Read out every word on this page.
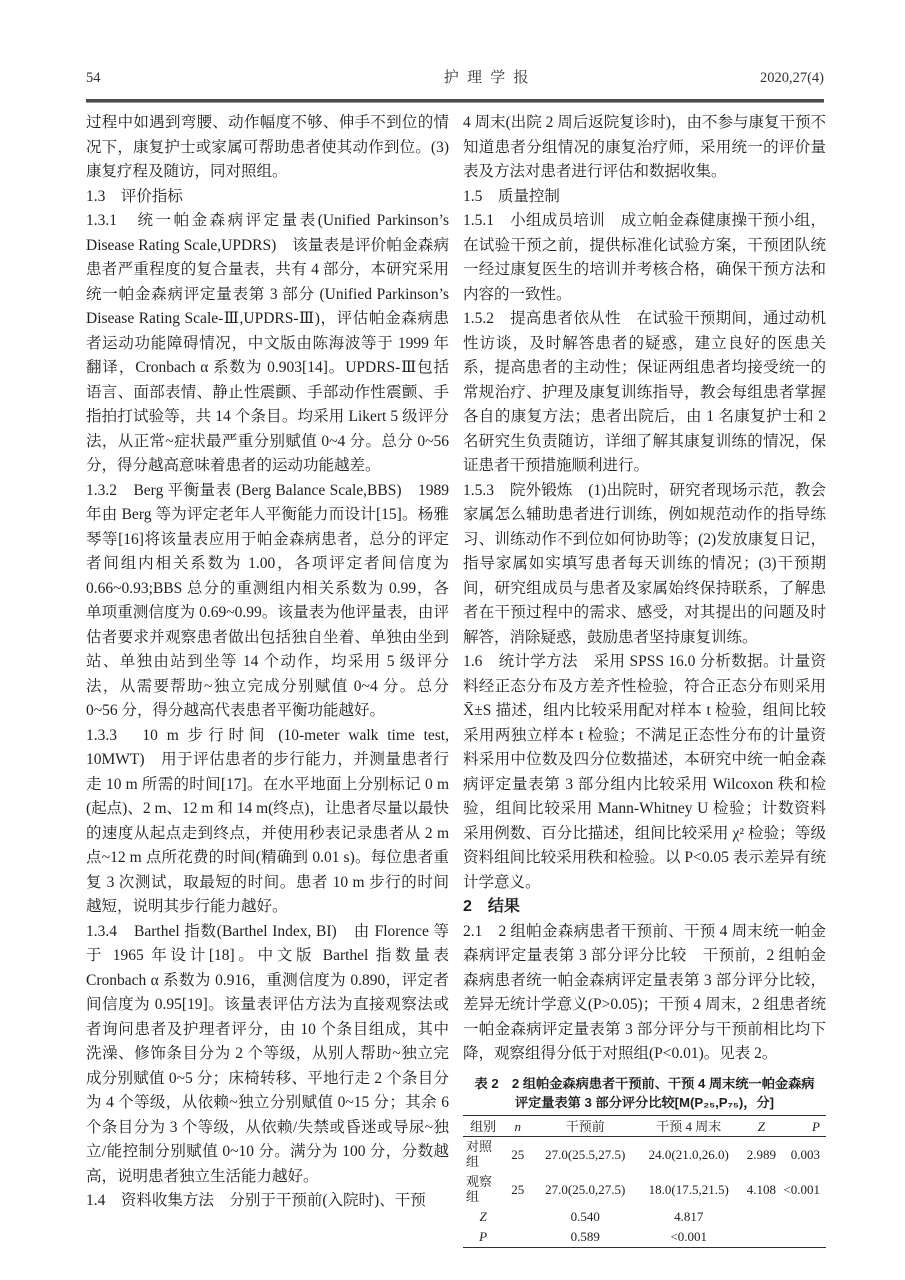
54	护理学报	2020,27(4)

过程中如遇到弯腰、动作幅度不够、伸手不到位的情况下，康复护士或家属可帮助患者使其动作到位。(3)康复疗程及随访，同对照组。

1.3　评价指标

1.3.1　统一帕金森病评定量表(Unified Parkinson’s Disease Rating Scale,UPDRS)　该量表是评价帕金森病患者严重程度的复合量表，共有 4 部分，本研究采用统一帕金森病评定量表第 3 部分 (Unified Parkinson’s Disease Rating Scale-Ⅲ,UPDRS-Ⅲ)，评估帕金森病患者运动功能障碍情况，中文版由陈海波等于 1999 年翻译，Cronbach α 系数为 0.903[14]。UPDRS-Ⅲ包括语言、面部表情、静止性震颤、手部动作性震颤、手指拍打试验等，共 14 个条目。均采用 Likert 5 级评分法，从正常~症状最严重分别赋值 0~4 分。总分 0~56 分，得分越高意味着患者的运动功能越差。

1.3.2　Berg 平衡量表 (Berg Balance Scale,BBS)　1989 年由 Berg 等为评定老年人平衡能力而设计[15]。杨雅琴等[16]将该量表应用于帕金森病患者，总分的评定者间组内相关系数为 1.00，各项评定者间信度为 0.66~0.93;BBS 总分的重测组内相关系数为 0.99，各单项重测信度为 0.69~0.99。该量表为他评量表，由评估者要求并观察患者做出包括独自坐着、单独由坐到站、单独由站到坐等 14 个动作，均采用 5 级评分法，从需要帮助~独立完成分别赋值 0~4 分。总分 0~56 分，得分越高代表患者平衡功能越好。

1.3.3　10 m 步行时间 (10-meter walk time test, 10MWT)　用于评估患者的步行能力，并测量患者行走 10 m 所需的时间[17]。在水平地面上分别标记 0 m (起点)、2 m、12 m 和 14 m(终点)，让患者尽量以最快的速度从起点走到终点，并使用秒表记录患者从 2 m 点~12 m 点所花费的时间(精确到 0.01 s)。每位患者重复 3 次测试，取最短的时间。患者 10 m 步行的时间越短，说明其步行能力越好。

1.3.4　Barthel 指数(Barthel Index, BI)　由 Florence 等于 1965 年设计[18]。中文版 Barthel 指数量表 Cronbach α 系数为 0.916，重测信度为 0.890，评定者间信度为 0.95[19]。该量表评估方法为直接观察法或者询问患者及护理者评分，由 10 个条目组成，其中洗澡、修饰条目分为 2 个等级，从别人帮助~独立完成分别赋值 0~5 分；床椅转移、平地行走 2 个条目分为 4 个等级，从依赖~独立分别赋值 0~15 分；其余 6 个条目分为 3 个等级，从依赖/失禁或昏迷或导尿~独立/能控制分别赋值 0~10 分。满分为 100 分，分数越高，说明患者独立生活能力越好。

1.4　资料收集方法　分别于干预前(入院时)、干预

4 周末(出院 2 周后返院复诊时)，由不参与康复干预不知道患者分组情况的康复治疗师，采用统一的评价量表及方法对患者进行评估和数据收集。

1.5　质量控制

1.5.1　小组成员培训　成立帕金森健康操干预小组，在试验干预之前，提供标准化试验方案，干预团队统一经过康复医生的培训并考核合格，确保干预方法和内容的一致性。

1.5.2　提高患者依从性　在试验干预期间，通过动机性访谈，及时解答患者的疑惑，建立良好的医患关系，提高患者的主动性；保证两组患者均接受统一的常规治疗、护理及康复训练指导，教会每组患者掌握各自的康复方法；患者出院后，由 1 名康复护士和 2 名研究生负责随访，详细了解其康复训练的情况，保证患者干预措施顺利进行。

1.5.3　院外锻炼　(1)出院时，研究者现场示范，教会家属怎么辅助患者进行训练，例如规范动作的指导练习、训练动作不到位如何协助等；(2)发放康复日记，指导家属如实填写患者每天训练的情况；(3)干预期间，研究组成员与患者及家属始终保持联系，了解患者在干预过程中的需求、感受，对其提出的问题及时解答，消除疑惑，鼓励患者坚持康复训练。

1.6　统计学方法　采用 SPSS 16.0 分析数据。计量资料经正态分布及方差齐性检验，符合正态分布则采用 X̄±S 描述，组内比较采用配对样本 t 检验，组间比较采用两独立样本 t 检验；不满足正态性分布的计量资料采用中位数及四分位数描述，本研究中统一帕金森病评定量表第 3 部分组内比较采用 Wilcoxon 秩和检验，组间比较采用 Mann-Whitney U 检验；计数资料采用例数、百分比描述，组间比较采用 χ² 检验；等级资料组间比较采用秩和检验。以 P<0.05 表示差异有统计学意义。

2　结果

2.1　2 组帕金森病患者干预前、干预 4 周末统一帕金森病评定量表第 3 部分评分比较　干预前，2 组帕金森病患者统一帕金森病评定量表第 3 部分评分比较，差异无统计学意义(P>0.05)；干预 4 周末，2 组患者统一帕金森病评定量表第 3 部分评分与干预前相比均下降，观察组得分低于对照组(P<0.01)。见表 2。

表 2　2 组帕金森病患者干预前、干预 4 周末统一帕金森病
评定量表第 3 部分评分比较[M(P₂₅,P₇₅)，分]
组别	n	干预前	干预 4 周末	Z	P
对照组	25	27.0(25.5,27.5)	24.0(21.0,26.0)	2.989	0.003
观察组	25	27.0(25.0,27.5)	18.0(17.5,21.5)	4.108	<0.001
Z		0.540	4.817		
P		0.589	<0.001		
